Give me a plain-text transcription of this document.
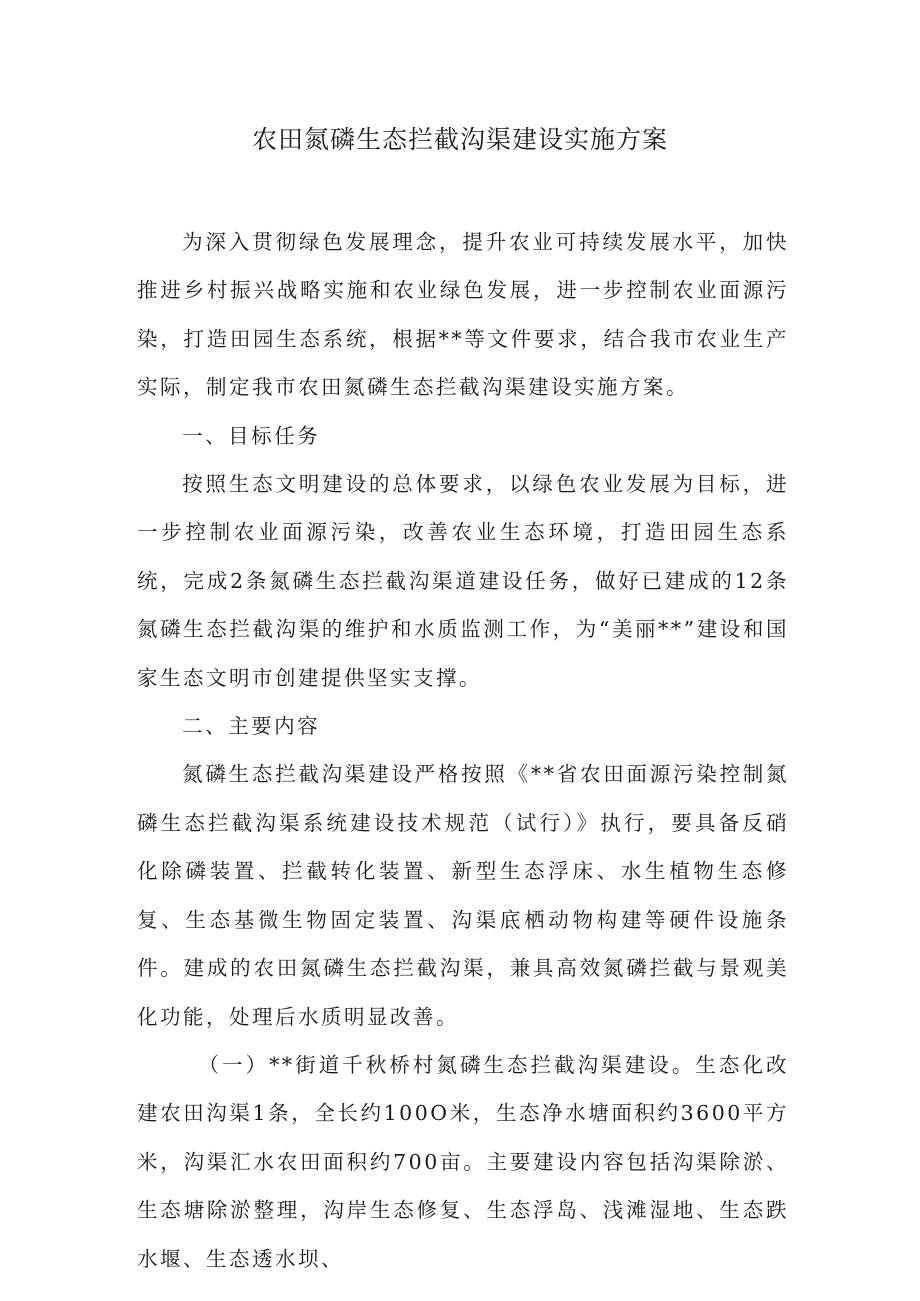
农田氮磷生态拦截沟渠建设实施方案

为深入贯彻绿色发展理念，提升农业可持续发展水平，加快推进乡村振兴战略实施和农业绿色发展，进一步控制农业面源污染，打造田园生态系统，根据**等文件要求，结合我市农业生产实际，制定我市农田氮磷生态拦截沟渠建设实施方案。

一、目标任务

按照生态文明建设的总体要求，以绿色农业发展为目标，进一步控制农业面源污染，改善农业生态环境，打造田园生态系统，完成2条氮磷生态拦截沟渠道建设任务，做好已建成的12条氮磷生态拦截沟渠的维护和水质监测工作，为“美丽**”建设和国家生态文明市创建提供坚实支撑。

二、主要内容

氮磷生态拦截沟渠建设严格按照《**省农田面源污染控制氮磷生态拦截沟渠系统建设技术规范（试行）》执行，要具备反硝化除磷装置、拦截转化装置、新型生态浮床、水生植物生态修复、生态基微生物固定装置、沟渠底栖动物构建等硬件设施条件。建成的农田氮磷生态拦截沟渠，兼具高效氮磷拦截与景观美化功能，处理后水质明显改善。

（一）**街道千秋桥村氮磷生态拦截沟渠建设。生态化改建农田沟渠1条，全长约100O米，生态净水塘面积约3600平方米，沟渠汇水农田面积约700亩。主要建设内容包括沟渠除淤、生态塘除淤整理，沟岸生态修复、生态浮岛、浅滩湿地、生态跌水堰、生态透水坝、
